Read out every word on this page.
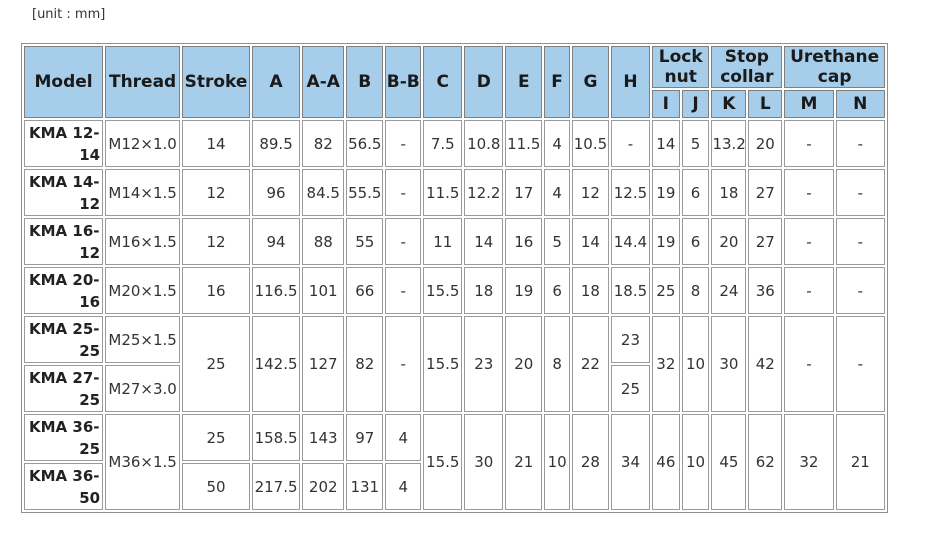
[unit : mm]
Model	Thread	Stroke	A	A-A	B	B-B	C	D	E	F	G	H	Lock nut		Stop collar		Urethane cap	
													I	J	K	L	M	N

KMA 12-
14	M12×1.0	14	89.5	82	56.5	-	7.5	10.8	11.5	4	10.5	-	14	5	13.2	20	-	-

KMA 14-
12	M14×1.5	12	96	84.5	55.5	-	11.5	12.2	17	4	12	12.5	19	6	18	27	-	-

KMA 16-
12	M16×1.5	12	94	88	55	-	11	14	16	5	14	14.4	19	6	20	27	-	-

KMA 20-
16	M20×1.5	16	116.5	101	66	-	15.5	18	19	6	18	18.5	25	8	24	36	-	-

KMA 25-
25	M25×1.5	25	142.5	127	82	-	15.5	23	20	8	22	23	32	10	30	42	-	-

KMA 27-
25	M27×3.0											25						

KMA 36-
25	M36×1.5	25	158.5	143	97	4	15.5	30	21	10	28	34	46	10	45	62	32	21

KMA 36-
50		50	217.5	202	131	4												
